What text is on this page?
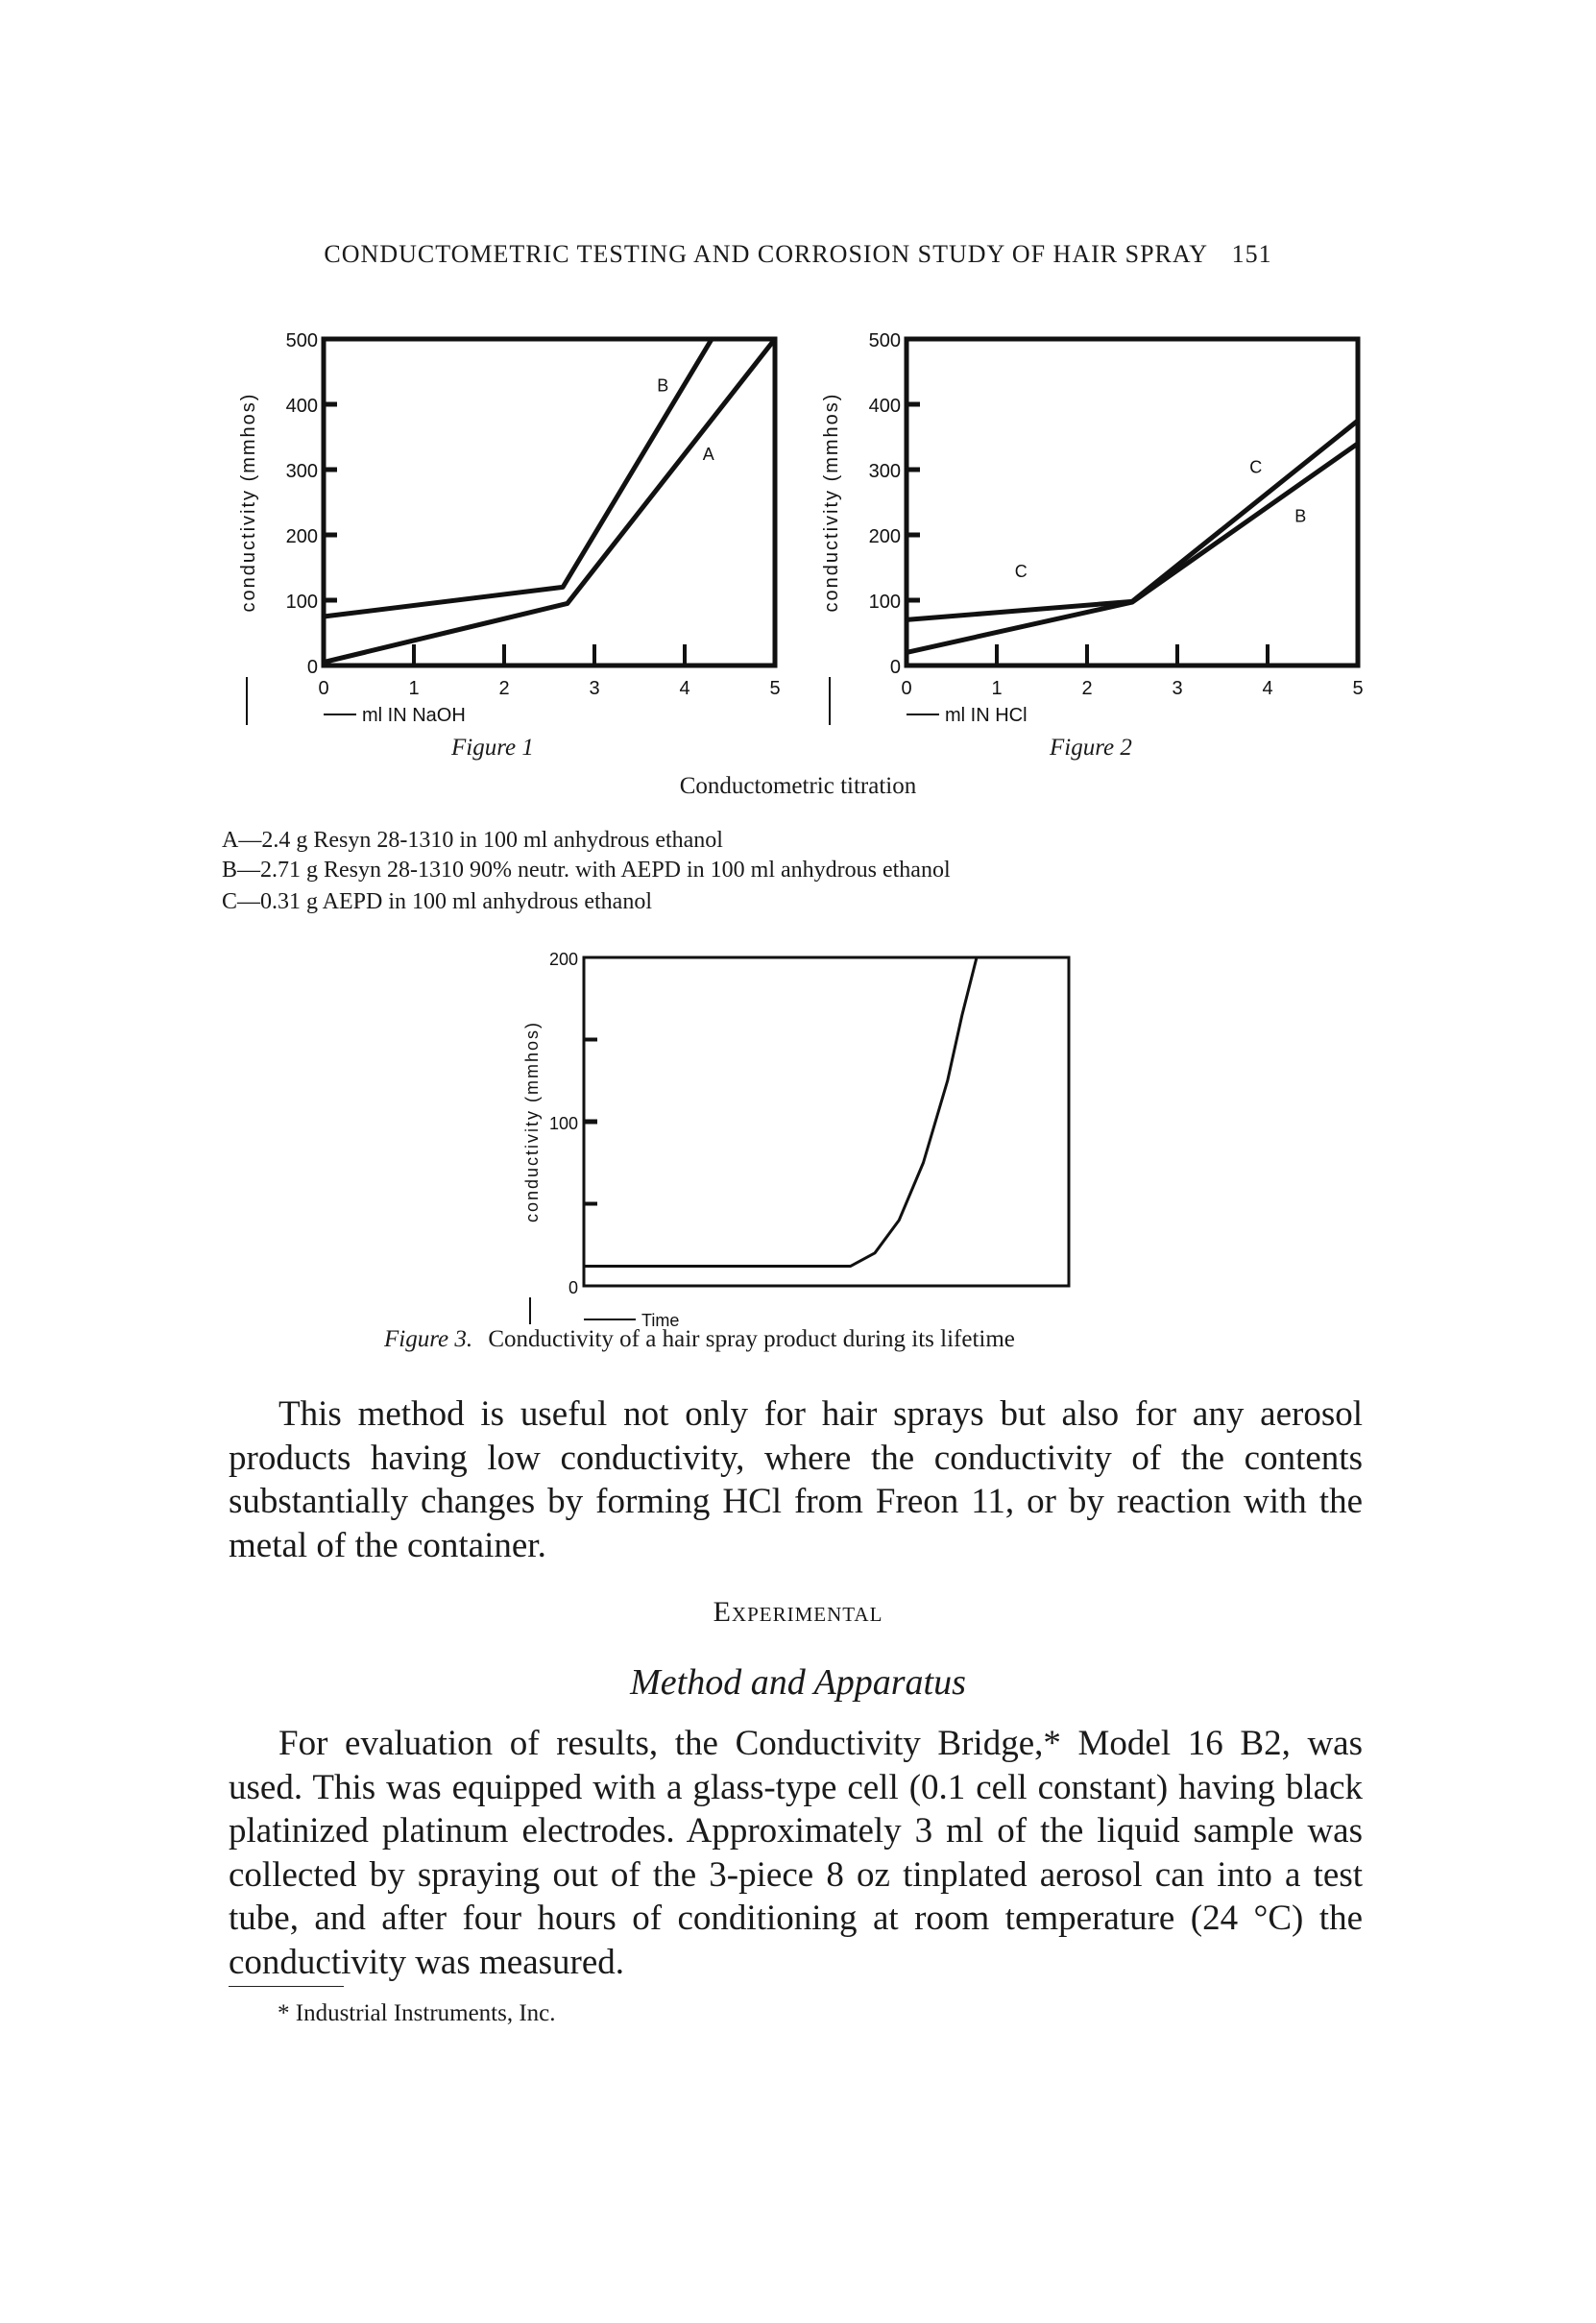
CONDUCTOMETRIC TESTING AND CORROSION STUDY OF HAIR SPRAY 151
0
100
200
300
400
500
0	1	2	3	4	5
conductivity (mmhos)
ml IN NaOH
B
A
0
100
200
300
400
500
0	1	2	3	4	5
conductivity (mmhos)
ml IN HCl
C
C
B
0
100
200
conductivity (mmhos)
Time
Figure 1	Figure 2
Conductometric titration
A—2.4 g Resyn 28-1310 in 100 ml anhydrous ethanol
B—2.71 g Resyn 28-1310 90% neutr. with AEPD in 100 ml anhydrous ethanol
C—0.31 g AEPD in 100 ml anhydrous ethanol
Figure 3. Conductivity of a hair spray product during its lifetime

This method is useful not only for hair sprays but also for any aerosol products having low conductivity, where the conductivity of the contents substantially changes by forming HCl from Freon 11, or by reaction with the metal of the container.

Experimental
Method and Apparatus

For evaluation of results, the Conductivity Bridge,* Model 16 B2, was used. This was equipped with a glass-type cell (0.1 cell constant) having black platinized platinum electrodes. Approximately 3 ml of the liquid sample was collected by spraying out of the 3-piece 8 oz tinplated aerosol can into a test tube, and after four hours of conditioning at room temperature (24 °C) the conductivity was measured.

* Industrial Instruments, Inc.
